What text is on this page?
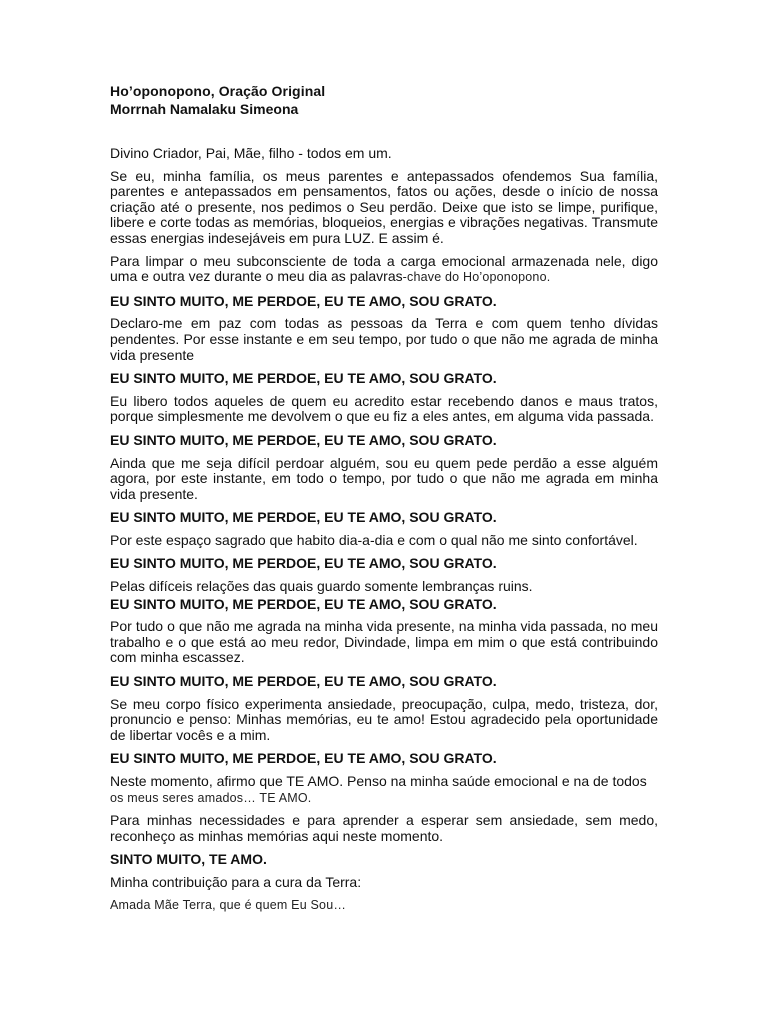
Ho’oponopono, Oração Original

Morrnah Namalaku Simeona

Divino Criador, Pai, Mãe, filho - todos em um.

Se eu, minha família, os meus parentes e antepassados ofendemos Sua família, parentes e antepassados em pensamentos, fatos ou ações, desde o início de nossa criação até o presente, nos pedimos o Seu perdão. Deixe que isto se limpe, purifique, libere e corte todas as memórias, bloqueios, energias e vibrações negativas. Transmute essas energias indesejáveis em pura LUZ. E assim é.

Para limpar o meu subconsciente de toda a carga emocional armazenada nele, digo uma e outra vez durante o meu dia as palavras-chave do Ho’oponopono.

EU SINTO MUITO, ME PERDOE, EU TE AMO, SOU GRATO.

Declaro-me em paz com todas as pessoas da Terra e com quem tenho dívidas pendentes. Por esse instante e em seu tempo, por tudo o que não me agrada de minha vida presente

EU SINTO MUITO, ME PERDOE, EU TE AMO, SOU GRATO.

Eu libero todos aqueles de quem eu acredito estar recebendo danos e maus tratos, porque simplesmente me devolvem o que eu fiz a eles antes, em alguma vida passada.

EU SINTO MUITO, ME PERDOE, EU TE AMO, SOU GRATO.

Ainda que me seja difícil perdoar alguém, sou eu quem pede perdão a esse alguém agora, por este instante, em todo o tempo, por tudo o que não me agrada em minha vida presente.

EU SINTO MUITO, ME PERDOE, EU TE AMO, SOU GRATO.

Por este espaço sagrado que habito dia-a-dia e com o qual não me sinto confortável.

EU SINTO MUITO, ME PERDOE, EU TE AMO, SOU GRATO.

Pelas difíceis relações das quais guardo somente lembranças ruins.

EU SINTO MUITO, ME PERDOE, EU TE AMO, SOU GRATO.

Por tudo o que não me agrada na minha vida presente, na minha vida passada, no meu trabalho e o que está ao meu redor, Divindade, limpa em mim o que está contribuindo com minha escassez.

EU SINTO MUITO, ME PERDOE, EU TE AMO, SOU GRATO.

Se meu corpo físico experimenta ansiedade, preocupação, culpa, medo, tristeza, dor, pronuncio e penso: Minhas memórias, eu te amo! Estou agradecido pela oportunidade de libertar vocês e a mim.

EU SINTO MUITO, ME PERDOE, EU TE AMO, SOU GRATO.

Neste momento, afirmo que TE AMO. Penso na minha saúde emocional e na de todos
os meus seres amados… TE AMO.

Para minhas necessidades e para aprender a esperar sem ansiedade, sem medo, reconheço as minhas memórias aqui neste momento.

SINTO MUITO, TE AMO.

Minha contribuição para a cura da Terra:

Amada Mãe Terra, que é quem Eu Sou…
